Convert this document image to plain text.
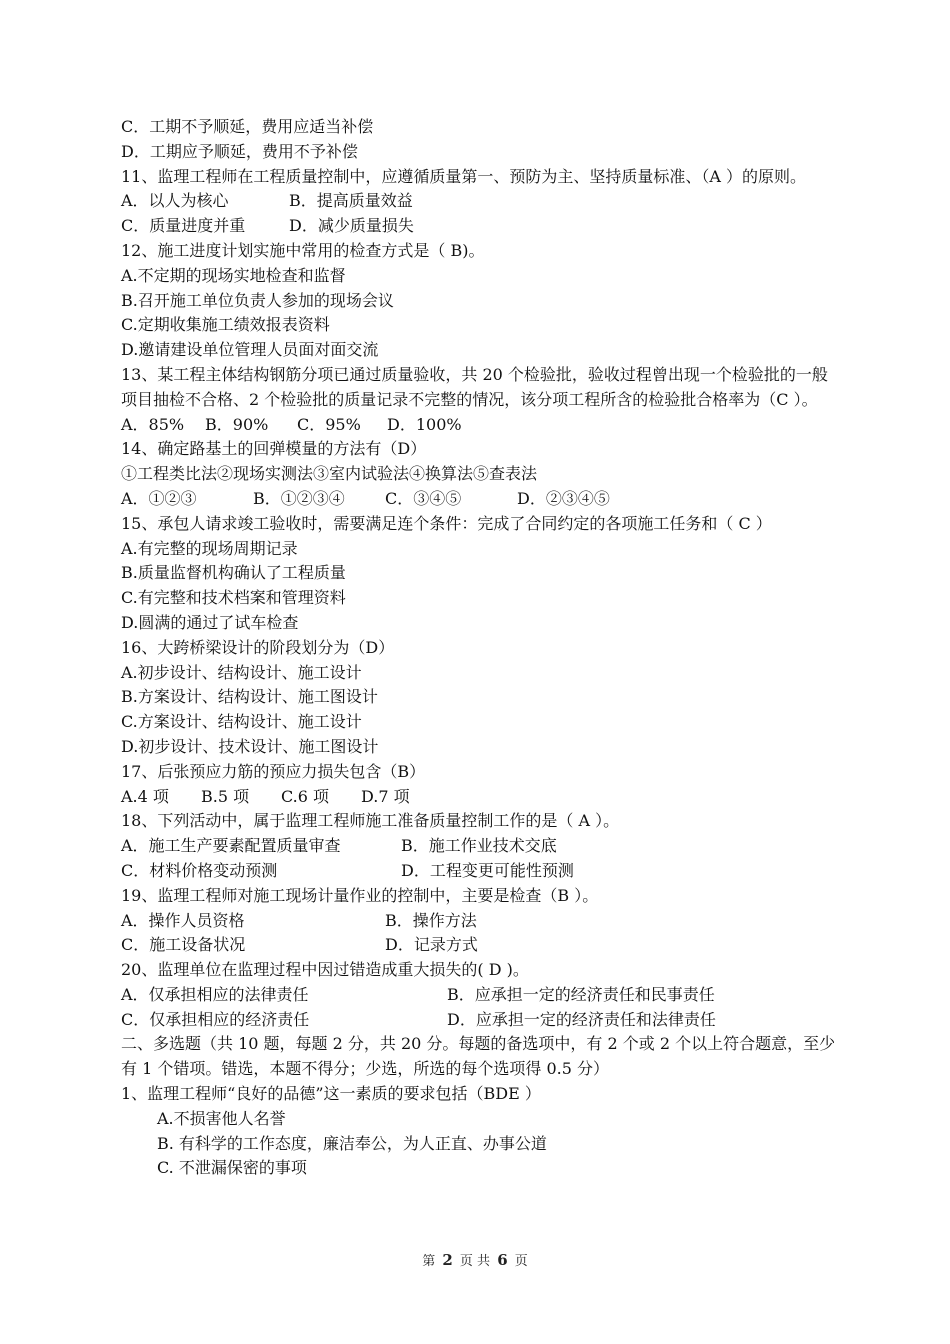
C．工期不予顺延，费用应适当补偿
D．工期应予顺延，费用不予补偿
11、监理工程师在工程质量控制中，应遵循质量第一、预防为主、坚持质量标准、（A ）的原则。
A．以人为核心	B．提高质量效益
C．质量进度并重	D．减少质量损失
12、施工进度计划实施中常用的检查方式是（ B)。
A.不定期的现场实地检查和监督
B.召开施工单位负责人参加的现场会议
C.定期收集施工绩效报表资料
D.邀请建设单位管理人员面对面交流
13、某工程主体结构钢筋分项已通过质量验收，共 20 个检验批，验收过程曾出现一个检验批的一般项目抽检不合格、2 个检验批的质量记录不完整的情况，该分项工程所含的检验批合格率为（C ）。
A．85% B．90% C．95% D．100%
14、确定路基土的回弹模量的方法有（D）
①工程类比法②现场实测法③室内试验法④换算法⑤查表法
A．①②③	B．①②③④	C．③④⑤	D．②③④⑤
15、承包人请求竣工验收时，需要满足连个条件：完成了合同约定的各项施工任务和（ C ）
A.有完整的现场周期记录
B.质量监督机构确认了工程质量
C.有完整和技术档案和管理资料
D.圆满的通过了试车检查
16、大跨桥梁设计的阶段划分为（D）
A.初步设计、结构设计、施工设计
B.方案设计、结构设计、施工图设计
C.方案设计、结构设计、施工设计
D.初步设计、技术设计、施工图设计
17、后张预应力筋的预应力损失包含（B）
A.4 项 B.5 项 C.6 项 D.7 项
18、下列活动中，属于监理工程师施工准备质量控制工作的是（ A ）。
A．施工生产要素配置质量审查	B．施工作业技术交底
C．材料价格变动预测	D．工程变更可能性预测
19、监理工程师对施工现场计量作业的控制中，主要是检查（B ）。
A．操作人员资格	B．操作方法
C．施工设备状况	D．记录方式
20、监理单位在监理过程中因过错造成重大损失的( D )。
A．仅承担相应的法律责任	B．应承担一定的经济责任和民事责任
C．仅承担相应的经济责任	D．应承担一定的经济责任和法律责任
二、多选题（共 10 题，每题 2 分，共 20 分。每题的备选项中，有 2 个或 2 个以上符合题意，至少有 1 个错项。错选，本题不得分；少选，所选的每个选项得 0.5 分）
1、监理工程师“良好的品德”这一素质的要求包括（BDE ）
A.不损害他人名誉
B. 有科学的工作态度，廉洁奉公，为人正直、办事公道
C. 不泄漏保密的事项
第 2 页 共 6 页
